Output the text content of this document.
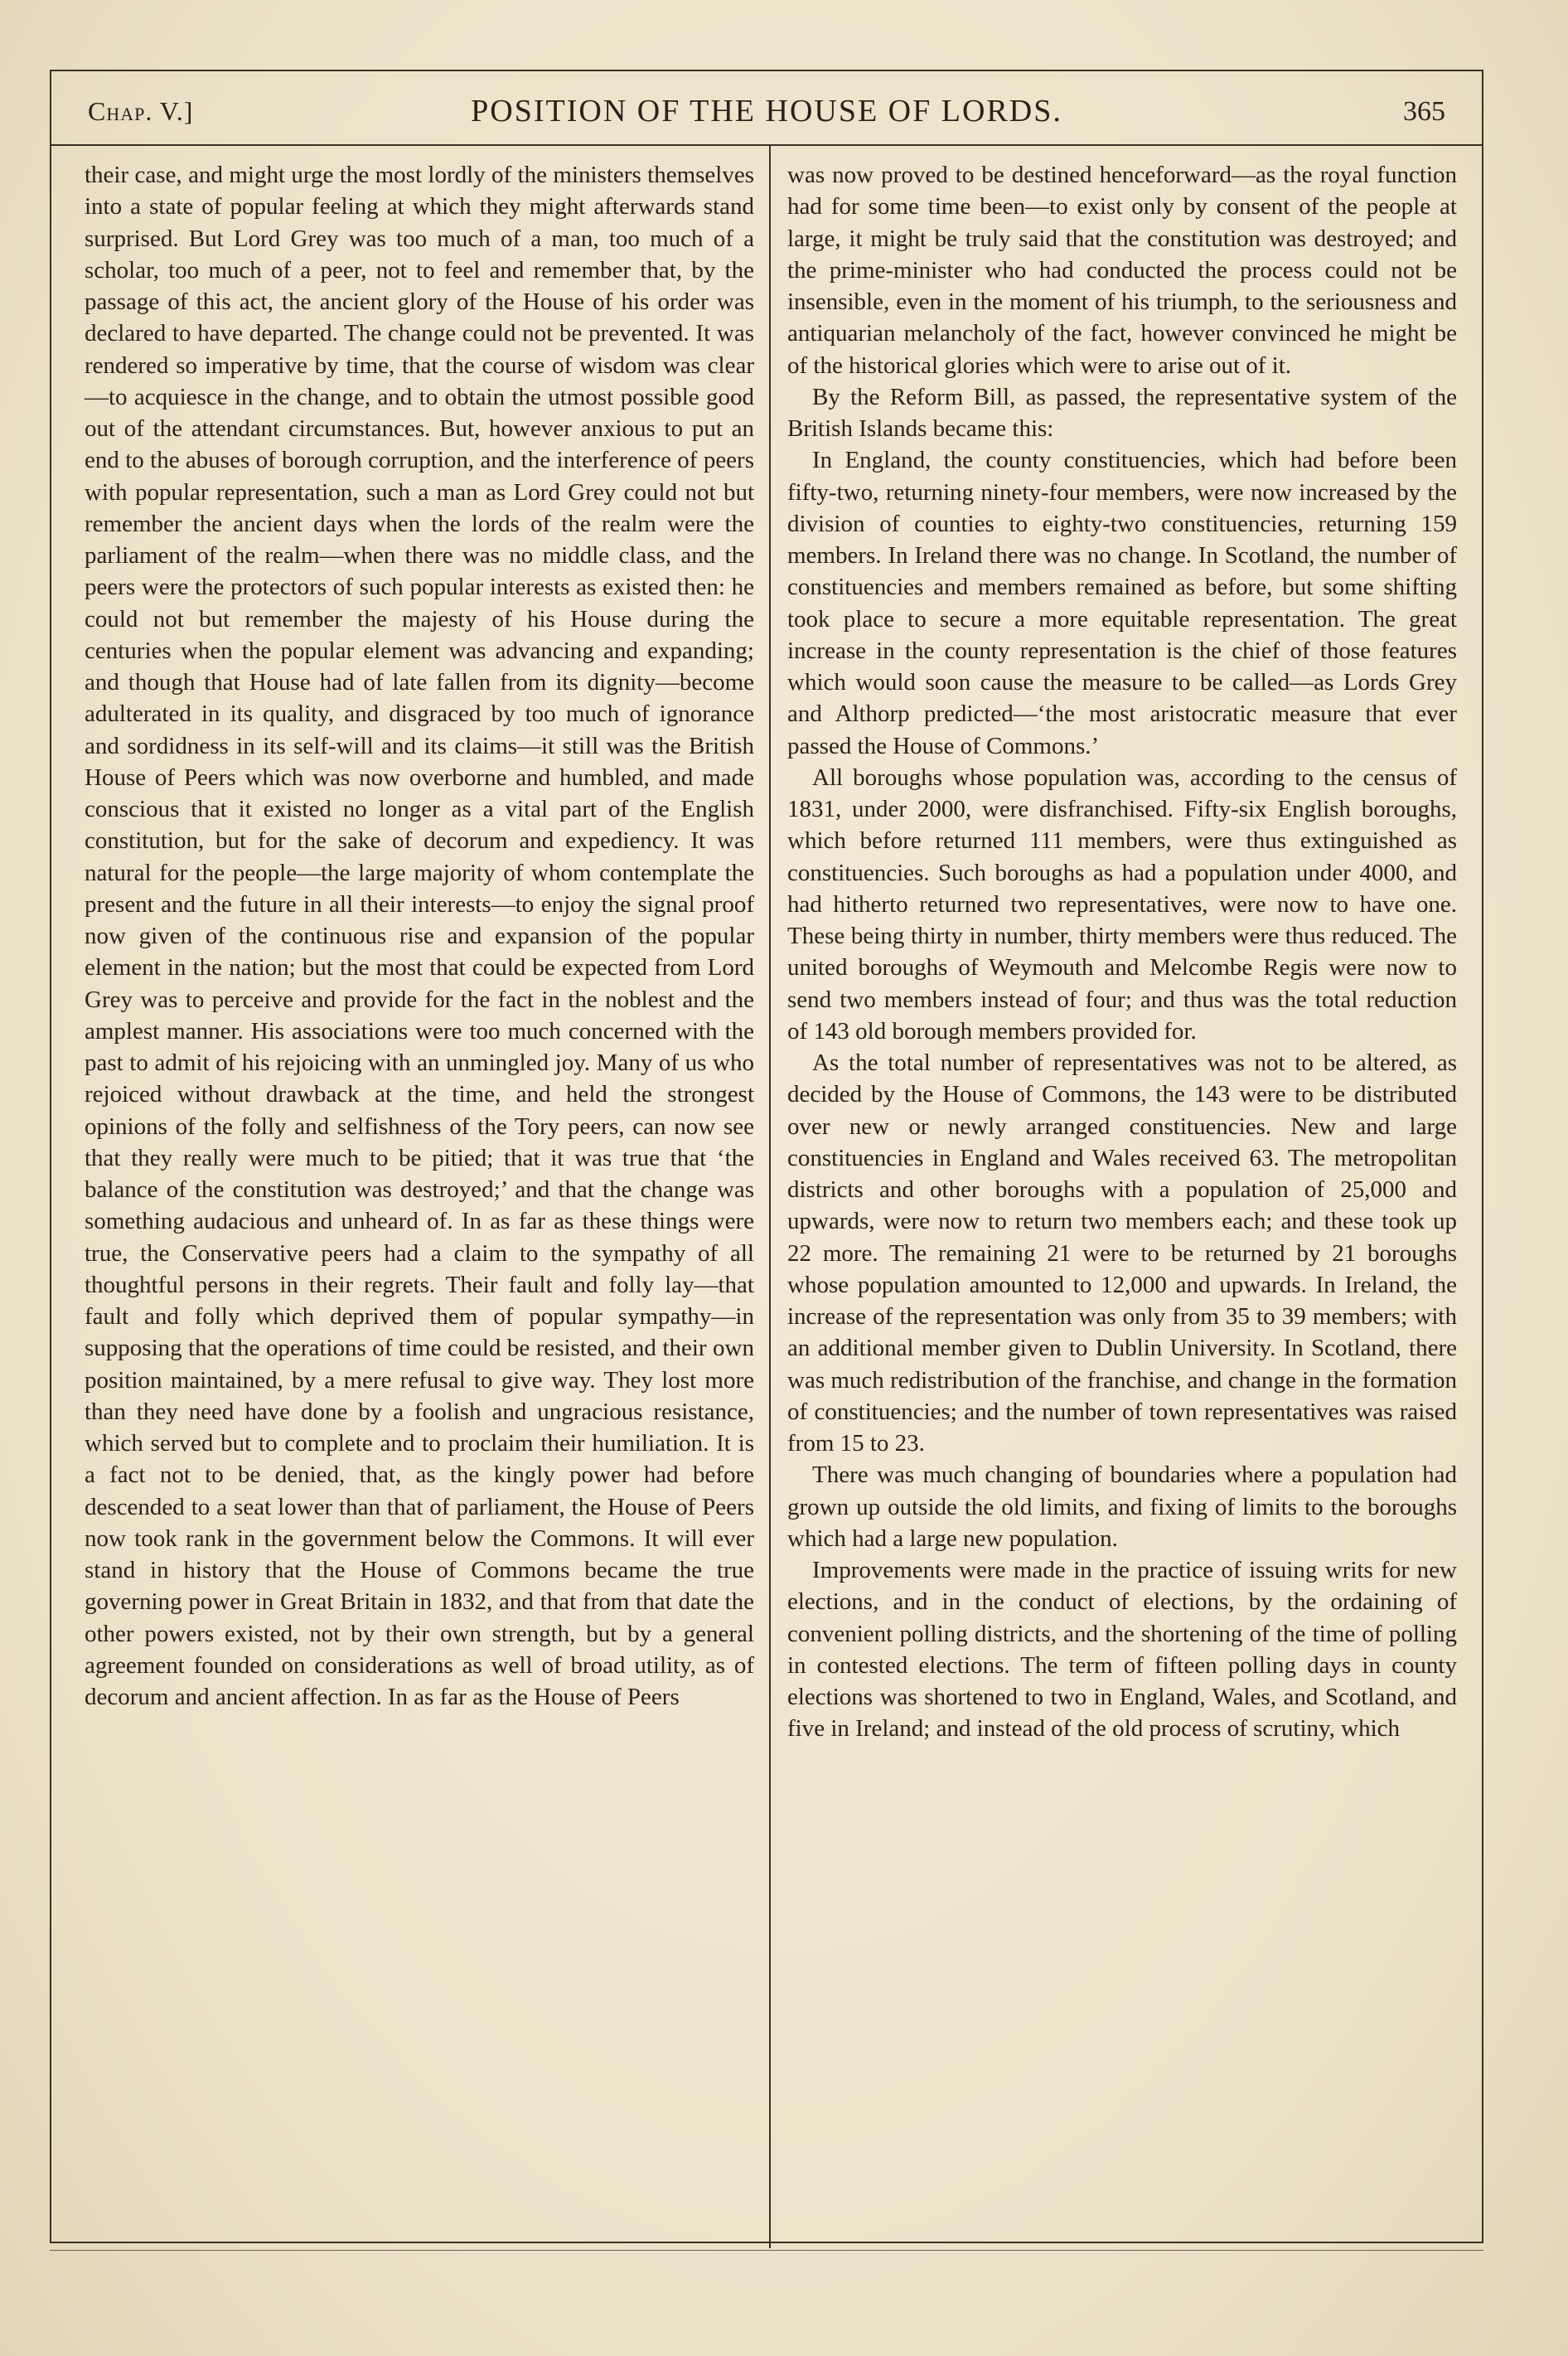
Chap. V.]	POSITION OF THE HOUSE OF LORDS.	365

their case, and might urge the most lordly of the ministers themselves into a state of popular feeling at which they might afterwards stand surprised. But Lord Grey was too much of a man, too much of a scholar, too much of a peer, not to feel and remember that, by the passage of this act, the ancient glory of the House of his order was declared to have departed. The change could not be prevented. It was rendered so imperative by time, that the course of wisdom was clear—to acquiesce in the change, and to obtain the utmost possible good out of the attendant circumstances. But, however anxious to put an end to the abuses of borough corruption, and the interference of peers with popular representation, such a man as Lord Grey could not but remember the ancient days when the lords of the realm were the parliament of the realm—when there was no middle class, and the peers were the protectors of such popular interests as existed then: he could not but remember the majesty of his House during the centuries when the popular element was advancing and expanding; and though that House had of late fallen from its dignity—become adulterated in its quality, and disgraced by too much of ignorance and sordidness in its self-will and its claims—it still was the British House of Peers which was now overborne and humbled, and made conscious that it existed no longer as a vital part of the English constitution, but for the sake of decorum and expediency. It was natural for the people—the large majority of whom contemplate the present and the future in all their interests—to enjoy the signal proof now given of the continuous rise and expansion of the popular element in the nation; but the most that could be expected from Lord Grey was to perceive and provide for the fact in the noblest and the amplest manner. His associations were too much concerned with the past to admit of his rejoicing with an unmingled joy. Many of us who rejoiced without drawback at the time, and held the strongest opinions of the folly and selfishness of the Tory peers, can now see that they really were much to be pitied; that it was true that ‘the balance of the constitution was destroyed;’ and that the change was something audacious and unheard of. In as far as these things were true, the Conservative peers had a claim to the sympathy of all thoughtful persons in their regrets. Their fault and folly lay—that fault and folly which deprived them of popular sympathy—in supposing that the operations of time could be resisted, and their own position maintained, by a mere refusal to give way. They lost more than they need have done by a foolish and ungracious resistance, which served but to complete and to proclaim their humiliation. It is a fact not to be denied, that, as the kingly power had before descended to a seat lower than that of parliament, the House of Peers now took rank in the government below the Commons. It will ever stand in history that the House of Commons became the true governing power in Great Britain in 1832, and that from that date the other powers existed, not by their own strength, but by a general agreement founded on considerations as well of broad utility, as of decorum and ancient affection. In as far as the House of Peers

was now proved to be destined henceforward—as the royal function had for some time been—to exist only by consent of the people at large, it might be truly said that the constitution was destroyed; and the prime-minister who had conducted the process could not be insensible, even in the moment of his triumph, to the seriousness and antiquarian melancholy of the fact, however convinced he might be of the historical glories which were to arise out of it.

By the Reform Bill, as passed, the representative system of the British Islands became this:

In England, the county constituencies, which had before been fifty-two, returning ninety-four members, were now increased by the division of counties to eighty-two constituencies, returning 159 members. In Ireland there was no change. In Scotland, the number of constituencies and members remained as before, but some shifting took place to secure a more equitable representation. The great increase in the county representation is the chief of those features which would soon cause the measure to be called—as Lords Grey and Althorp predicted—‘the most aristocratic measure that ever passed the House of Commons.’

All boroughs whose population was, according to the census of 1831, under 2000, were disfranchised. Fifty-six English boroughs, which before returned 111 members, were thus extinguished as constituencies. Such boroughs as had a population under 4000, and had hitherto returned two representatives, were now to have one. These being thirty in number, thirty members were thus reduced. The united boroughs of Weymouth and Melcombe Regis were now to send two members instead of four; and thus was the total reduction of 143 old borough members provided for.

As the total number of representatives was not to be altered, as decided by the House of Commons, the 143 were to be distributed over new or newly arranged constituencies. New and large constituencies in England and Wales received 63. The metropolitan districts and other boroughs with a population of 25,000 and upwards, were now to return two members each; and these took up 22 more. The remaining 21 were to be returned by 21 boroughs whose population amounted to 12,000 and upwards. In Ireland, the increase of the representation was only from 35 to 39 members; with an additional member given to Dublin University. In Scotland, there was much redistribution of the franchise, and change in the formation of constituencies; and the number of town representatives was raised from 15 to 23.

There was much changing of boundaries where a population had grown up outside the old limits, and fixing of limits to the boroughs which had a large new population.

Improvements were made in the practice of issuing writs for new elections, and in the conduct of elections, by the ordaining of convenient polling districts, and the shortening of the time of polling in contested elections. The term of fifteen polling days in county elections was shortened to two in England, Wales, and Scotland, and five in Ireland; and instead of the old process of scrutiny, which
